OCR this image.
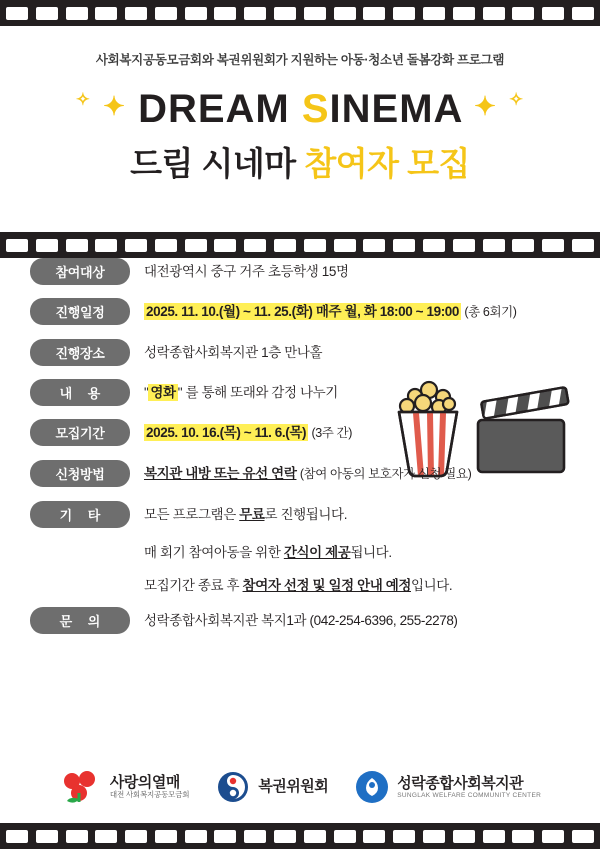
사회복지공동모금회와 복권위원회가 지원하는 아동·청소년 돌봄강화 프로그램
✧ ✦ DREAM SINEMA ✦ ✧
드림 시네마 참여자 모집
참여대상	대전광역시 중구 거주 초등학생 15명
진행일정	2025. 11. 10.(월) ~ 11. 25.(화) 매주 월, 화 18:00 ~ 19:00 (총 6회기)
진행장소	성락종합사회복지관 1층 만나홀
내 용	" 영화 " 를 통해 또래와 감정 나누기
모집기간	2025. 10. 16.(목) ~ 11. 6.(목) (3주 간)
신청방법	복지관 내방 또는 유선 연락 (참여 아동의 보호자가 신청 필요)
기 타	모든 프로그램은 무료로 진행됩니다.
매 회기 참여아동을 위한 간식이 제공됩니다.
모집기간 종료 후 참여자 선정 및 일정 안내 예정입니다.
문 의	성락종합사회복지관 복지1과 (042-254-6396, 255-2278)
사랑의열매
대전 사회복지공동모금회	복권위원회	성락종합사회복지관
SUNGLAK WELFARE COMMUNITY CENTER
